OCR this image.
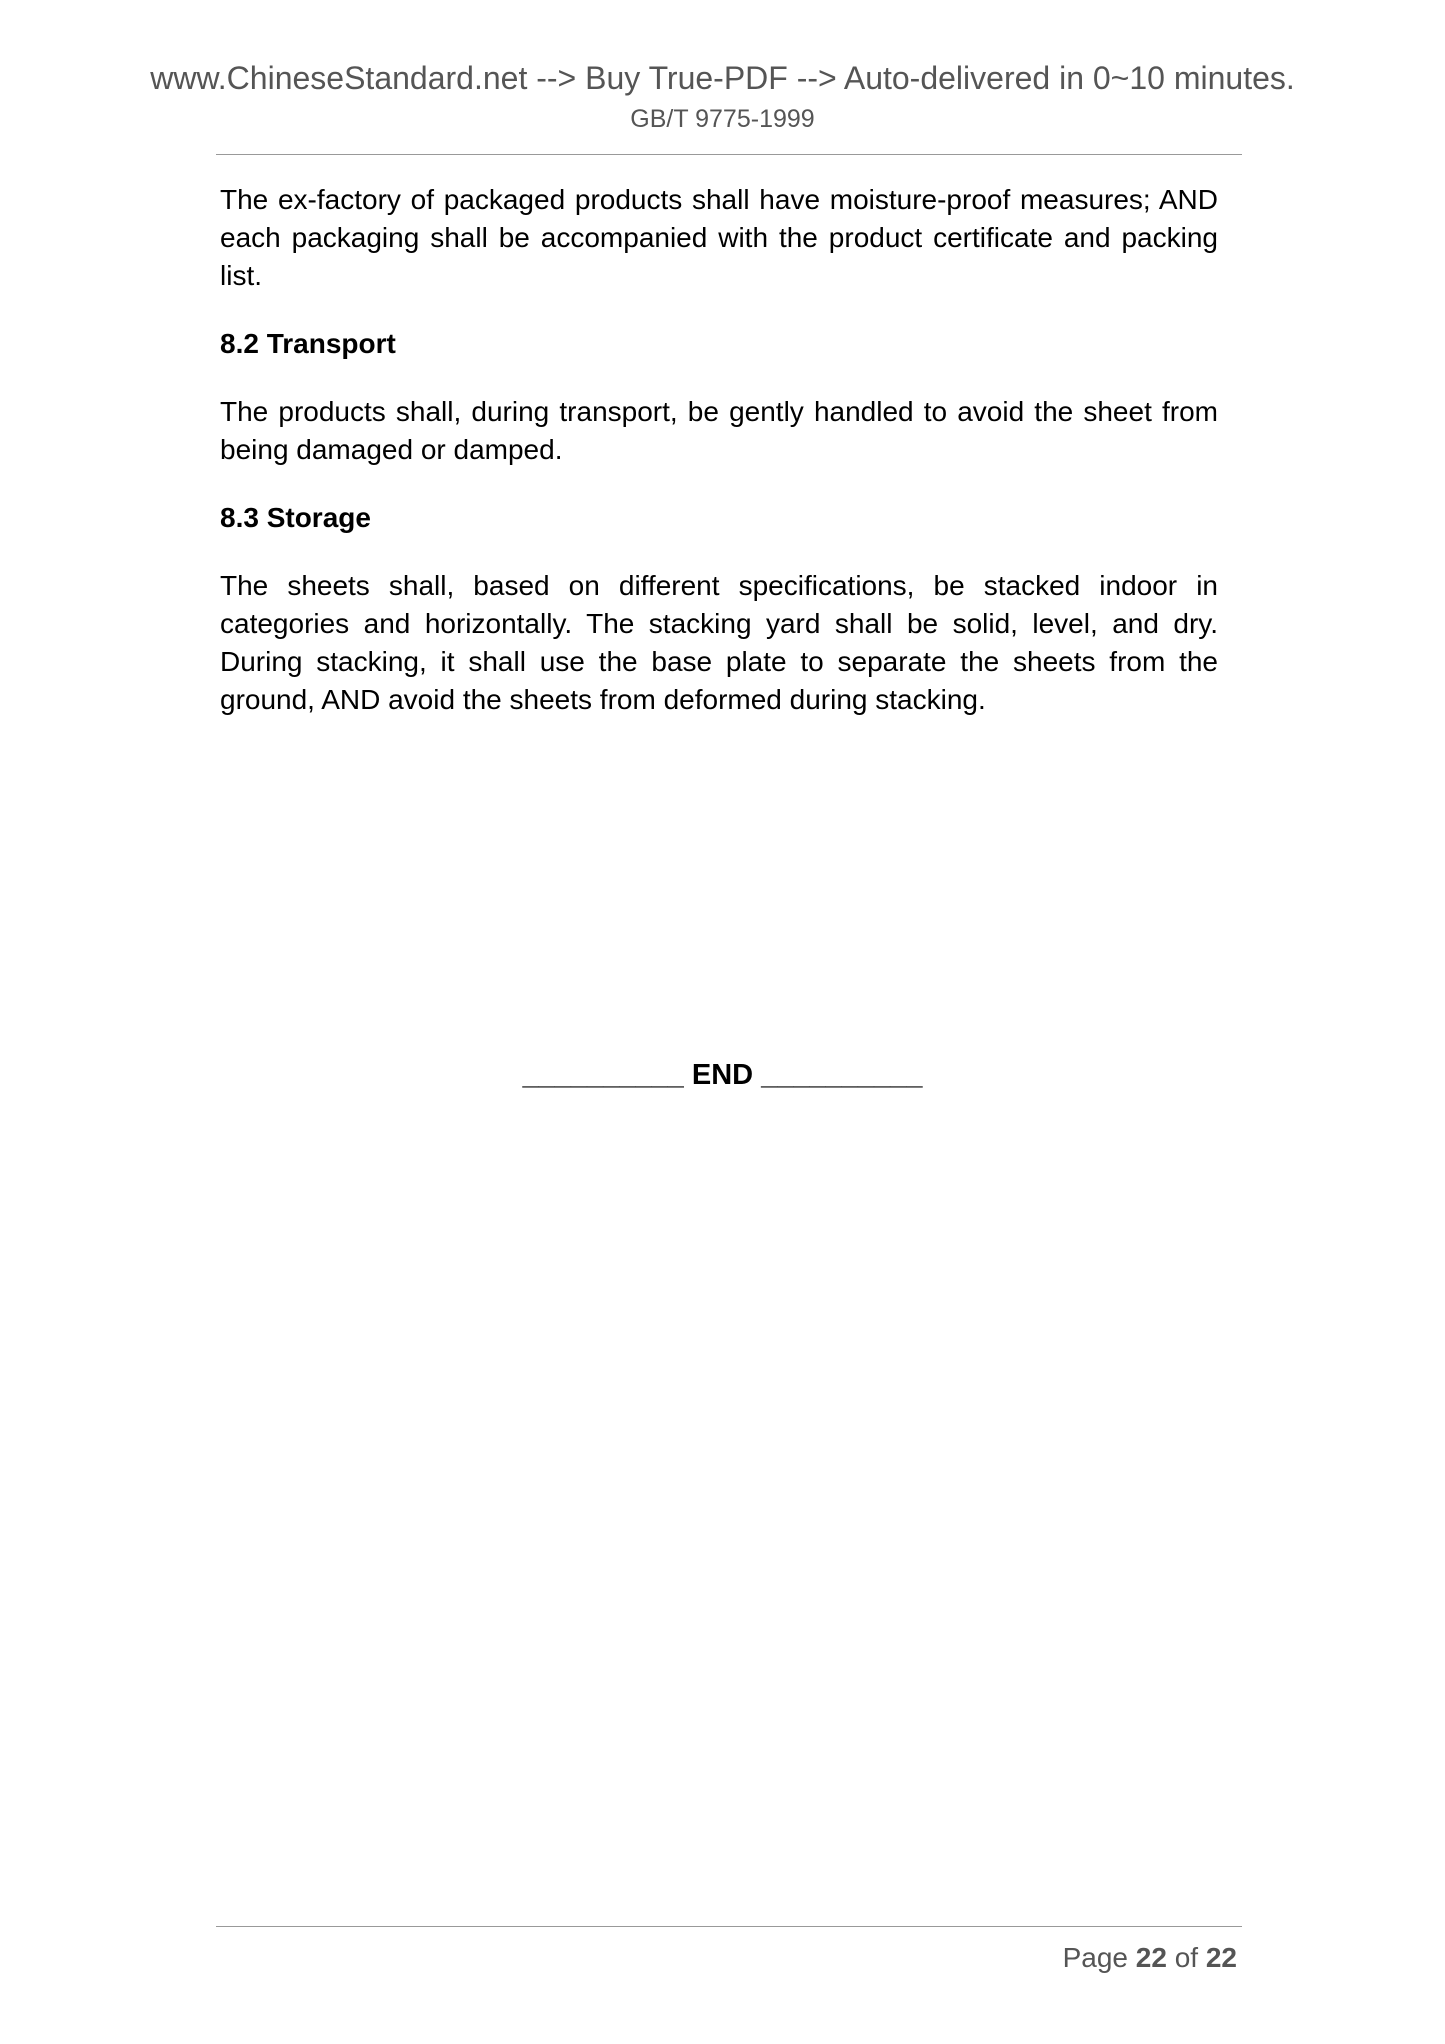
www.ChineseStandard.net --> Buy True-PDF --> Auto-delivered in 0~10 minutes.
GB/T 9775-1999

The ex-factory of packaged products shall have moisture-proof measures; AND each packaging shall be accompanied with the product certificate and packing list.

8.2 Transport

The products shall, during transport, be gently handled to avoid the sheet from being damaged or damped.

8.3 Storage

The sheets shall, based on different specifications, be stacked indoor in categories and horizontally. The stacking yard shall be solid, level, and dry. During stacking, it shall use the base plate to separate the sheets from the ground, AND avoid the sheets from deformed during stacking.

__________ END __________
Page 22 of 22
